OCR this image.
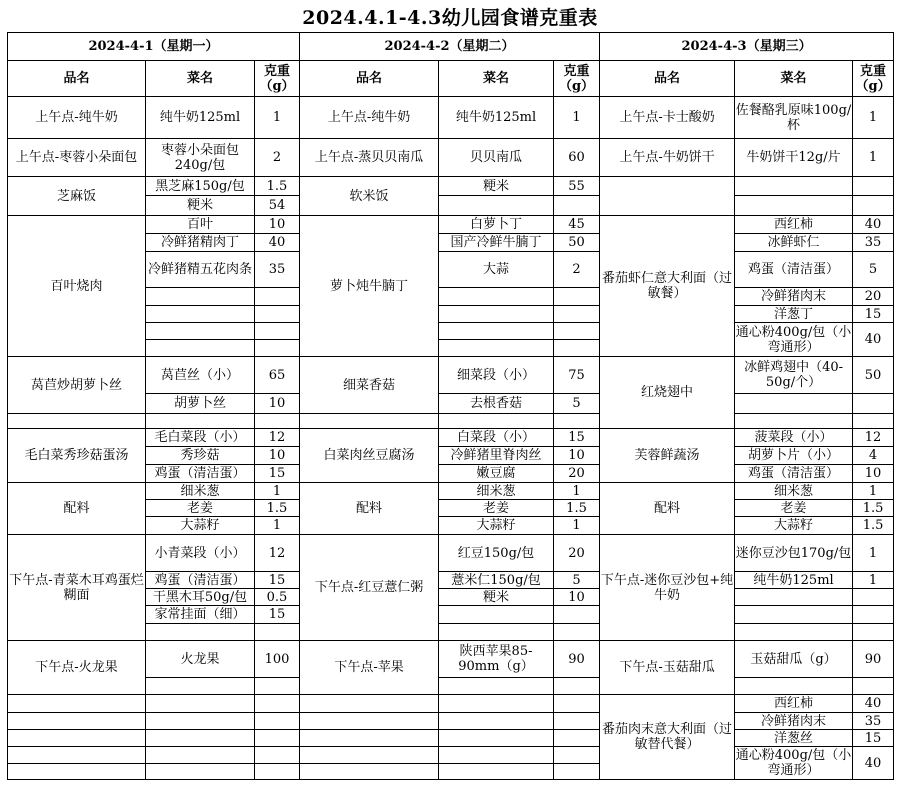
2024.4.1-4.3幼儿园食谱克重表
2024-4-1（星期一）			2024-4-2（星期二）			2024-4-3（星期三）		
品名	菜名	克重（g）	品名	菜名	克重（g）	品名	菜名	克重（g）
上午点-纯牛奶	纯牛奶125ml	1	上午点-纯牛奶	纯牛奶125ml	1	上午点-卡士酸奶	佐餐酪乳原味100g/杯	1
上午点-枣蓉小朵面包	枣蓉小朵面包240g/包	2	上午点-蒸贝贝南瓜	贝贝南瓜	60	上午点-牛奶饼干	牛奶饼干12g/片	1
芝麻饭	黑芝麻150g/包	1.5	软米饭	粳米	55			
	粳米	54						
百叶烧肉	百叶	10	萝卜炖牛腩丁	白萝卜丁	45	番茄虾仁意大利面（过敏餐）	西红柿	40
	冷鲜猪精肉丁	40		国产冷鲜牛腩丁	50		冰鲜虾仁	35
	冷鲜猪精五花肉条	35		大蒜	2		鸡蛋（清洁蛋）	5
							冷鲜猪肉末	20
							洋葱丁	15
							通心粉400g/包（小弯通形）	40

莴苣炒胡萝卜丝	莴苣丝（小）	65	细菜香菇	细菜段（小）	75	红烧翅中	冰鲜鸡翅中（40-50g/个）	50
	胡萝卜丝	10		去根香菇	5			

毛白菜秀珍菇蛋汤	毛白菜段（小）	12	白菜肉丝豆腐汤	白菜段（小）	15	芙蓉鲜蔬汤	菠菜段（小）	12
	秀珍菇	10		冷鲜猪里脊肉丝	10		胡萝卜片（小）	4
	鸡蛋（清洁蛋）	15		嫩豆腐	20		鸡蛋（清洁蛋）	10
配料	细米葱	1	配料	细米葱	1	配料	细米葱	1
	老姜	1.5		老姜	1.5		老姜	1.5
	大蒜籽	1		大蒜籽	1		大蒜籽	1.5
下午点-青菜木耳鸡蛋烂糊面	小青菜段（小）	12	下午点-红豆薏仁粥	红豆150g/包	20	下午点-迷你豆沙包+纯牛奶	迷你豆沙包170g/包	1
	鸡蛋（清洁蛋）	15		薏米仁150g/包	5		纯牛奶125ml	1
	干黑木耳50g/包	0.5		粳米	10			
	家常挂面（细）	15						

下午点-火龙果	火龙果	100	下午点-苹果	陕西苹果85-90mm（g）	90	下午点-玉菇甜瓜	玉菇甜瓜（g）	90

						番茄肉末意大利面（过敏替代餐）	西红柿	40
							冷鲜猪肉末	35
							洋葱丝	15
							通心粉400g/包（小弯通形）	40
